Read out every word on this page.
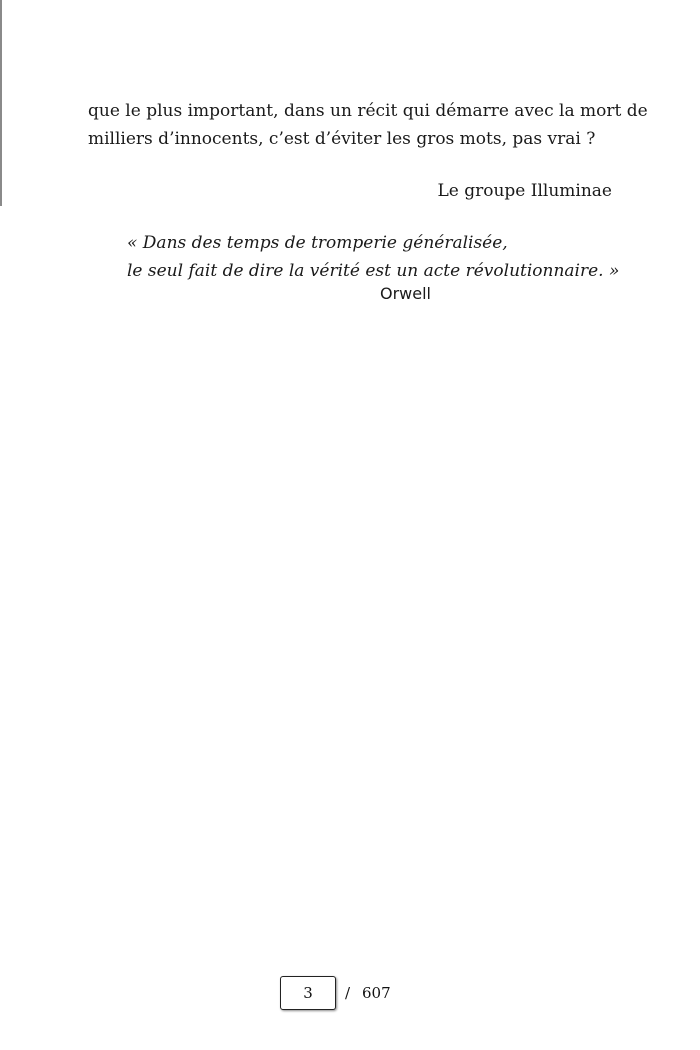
que le plus important, dans un récit qui démarre avec la mort de
milliers d’innocents, c’est d’éviter les gros mots, pas vrai ?
Le groupe Illuminae
« Dans des temps de tromperie généralisée,
le seul fait de dire la vérité est un acte révolutionnaire. »
Orwell
3	/ 607
